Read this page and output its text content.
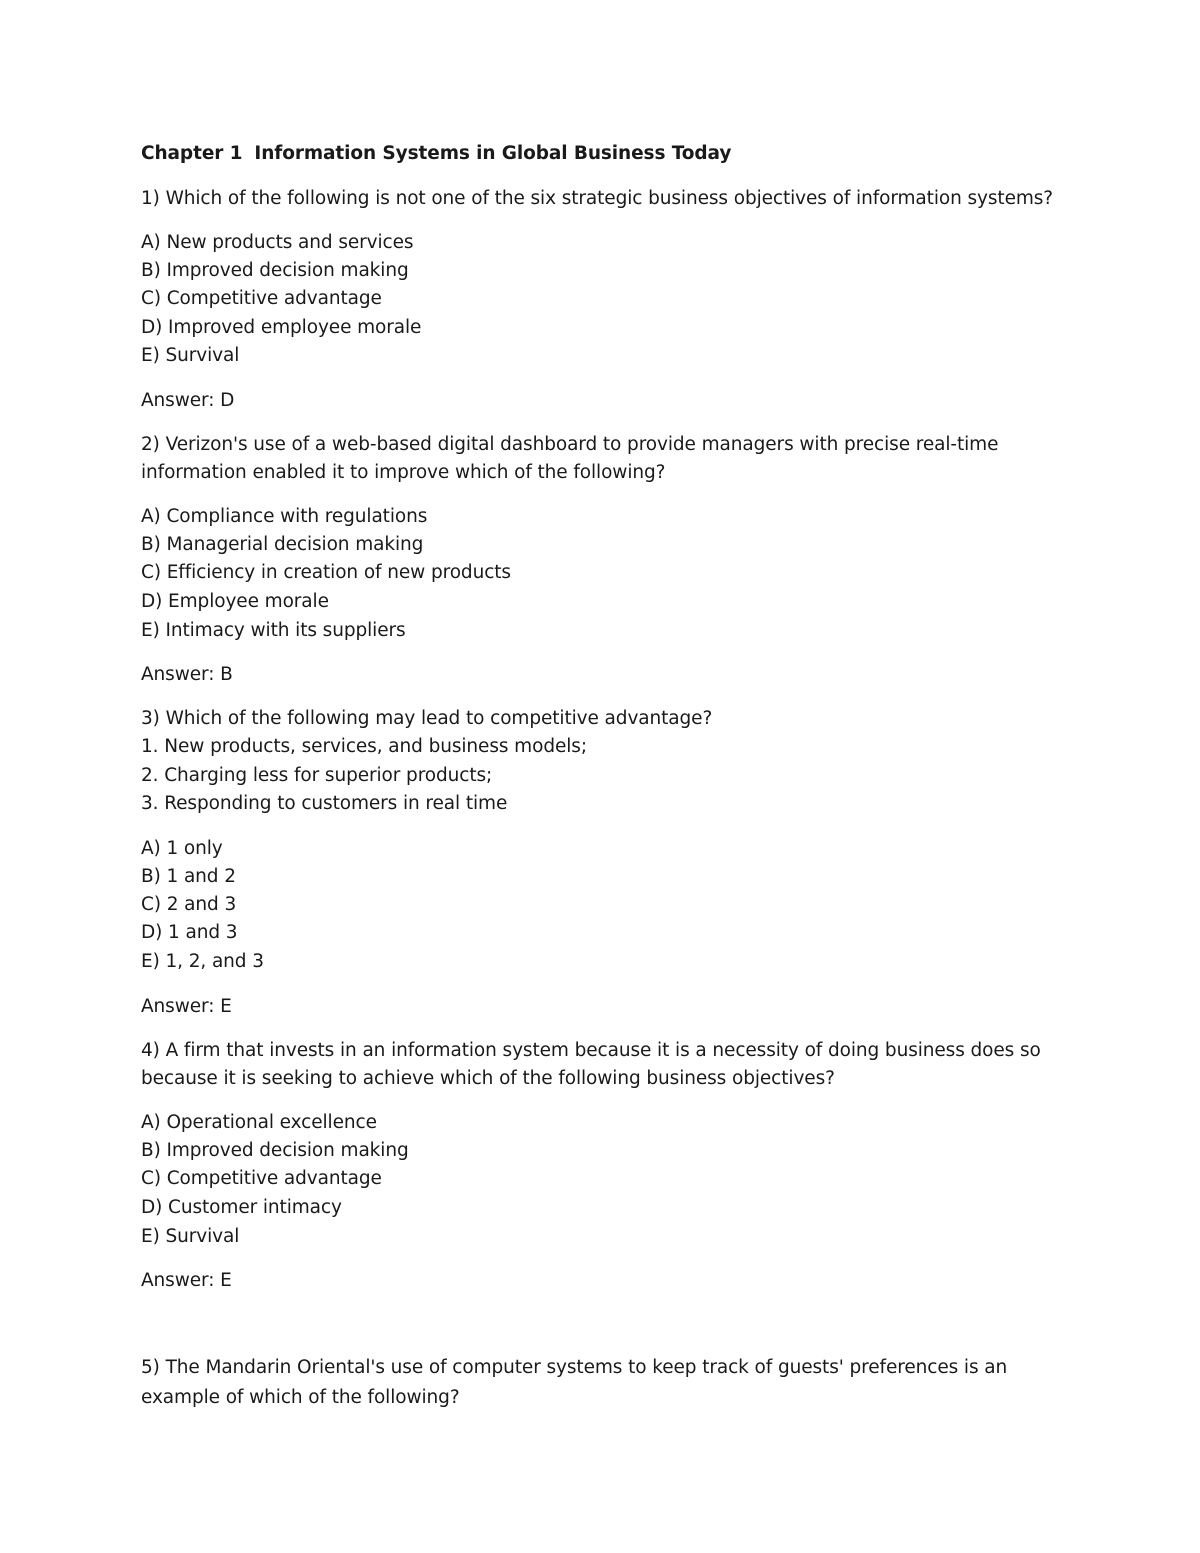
Chapter 1 Information Systems in Global Business Today
1) Which of the following is not one of the six strategic business objectives of information systems?
A) New products and services
B) Improved decision making
C) Competitive advantage
D) Improved employee morale
E) Survival
Answer: D
2) Verizon's use of a web-based digital dashboard to provide managers with precise real-time
information enabled it to improve which of the following?
A) Compliance with regulations
B) Managerial decision making
C) Efficiency in creation of new products
D) Employee morale
E) Intimacy with its suppliers
Answer: B
3) Which of the following may lead to competitive advantage?
1. New products, services, and business models;
2. Charging less for superior products;
3. Responding to customers in real time
A) 1 only
B) 1 and 2
C) 2 and 3
D) 1 and 3
E) 1, 2, and 3
Answer: E
4) A firm that invests in an information system because it is a necessity of doing business does so
because it is seeking to achieve which of the following business objectives?
A) Operational excellence
B) Improved decision making
C) Competitive advantage
D) Customer intimacy
E) Survival
Answer: E
5) The Mandarin Oriental's use of computer systems to keep track of guests' preferences is an
example of which of the following?
